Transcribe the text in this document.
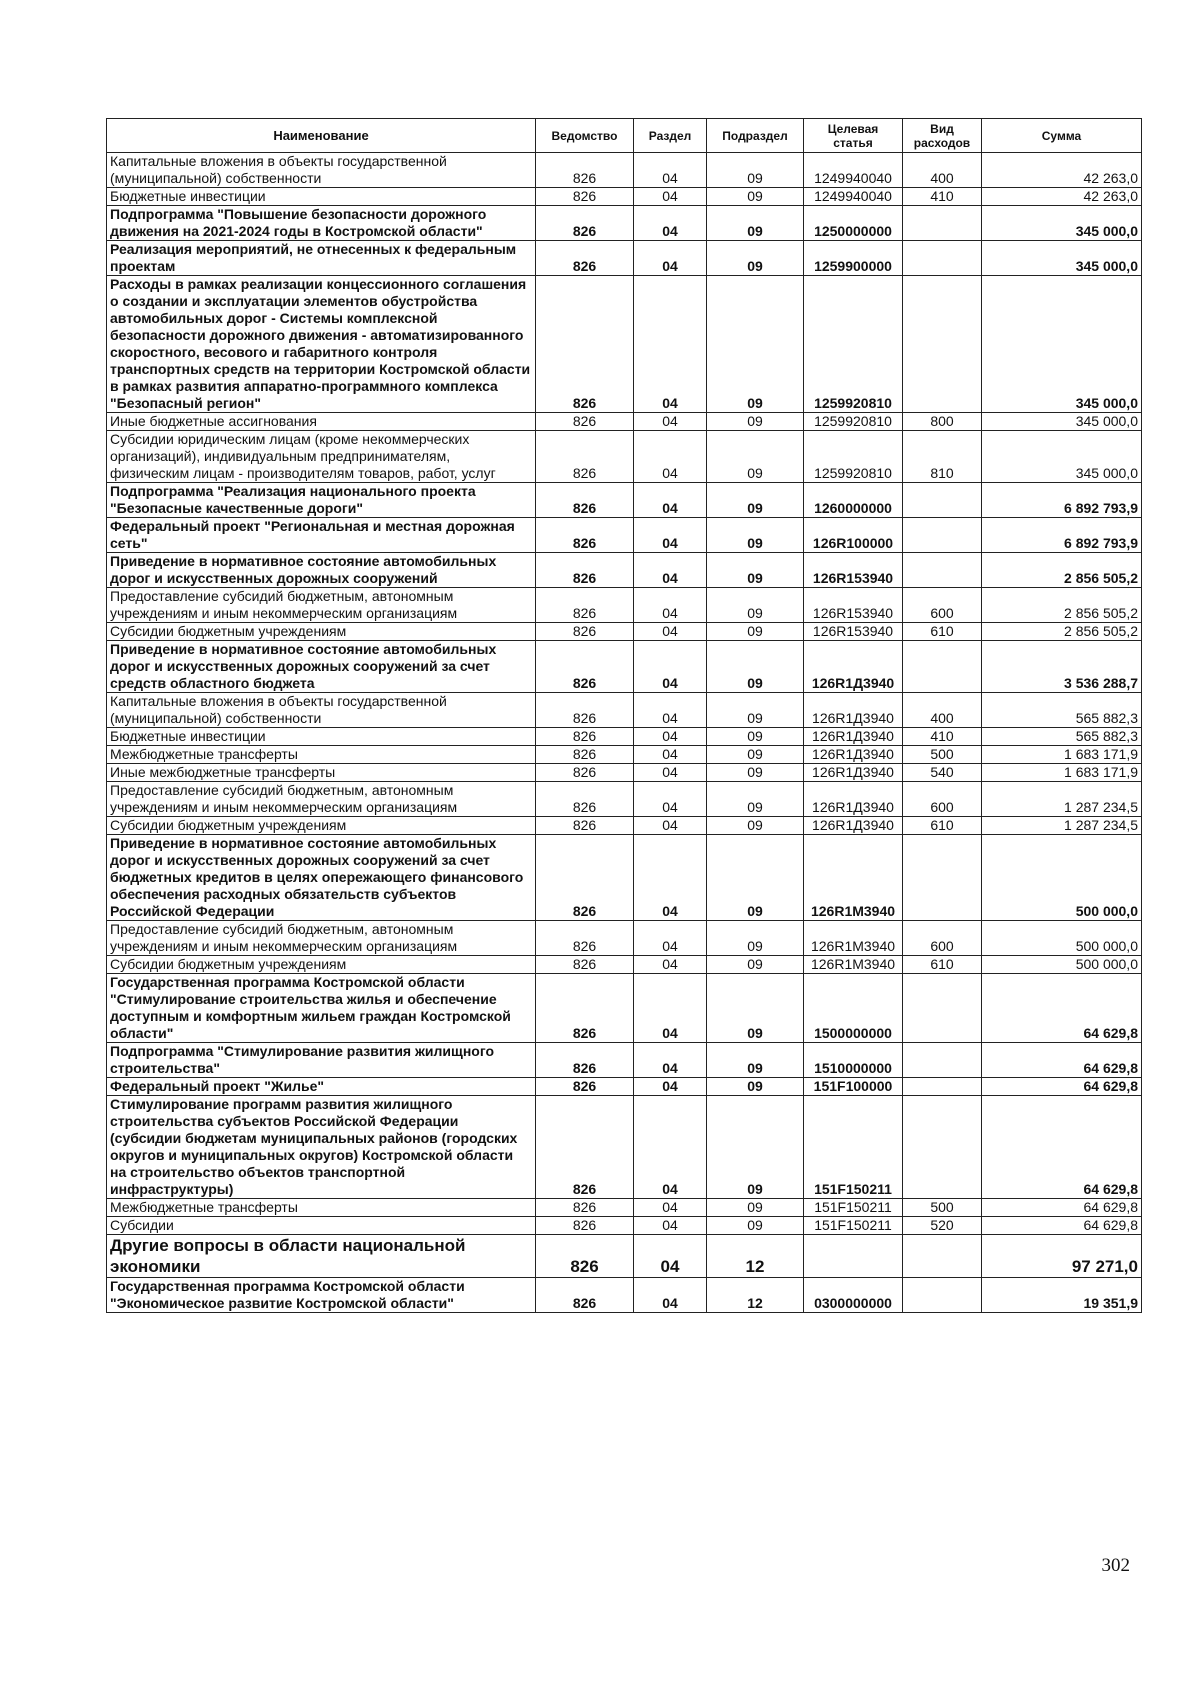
Наименование	Ведомство	Раздел	Подраздел	Целевая статья	Вид расходов	Сумма
Капитальные вложения в объекты государственной (муниципальной) собственности	826	04	09	1249940040	400	42 263,0
Бюджетные инвестиции	826	04	09	1249940040	410	42 263,0
Подпрограмма "Повышение безопасности дорожного движения на 2021-2024 годы в Костромской области"	826	04	09	1250000000		345 000,0
Реализация мероприятий, не отнесенных к федеральным проектам	826	04	09	1259900000		345 000,0
Расходы в рамках реализации концессионного соглашения о создании и эксплуатации элементов обустройства автомобильных дорог - Системы комплексной безопасности дорожного движения - автоматизированного скоростного, весового и габаритного контроля транспортных средств на территории Костромской области в рамках развития аппаратно-программного комплекса "Безопасный регион"	826	04	09	1259920810		345 000,0
Иные бюджетные ассигнования	826	04	09	1259920810	800	345 000,0
Субсидии юридическим лицам (кроме некоммерческих организаций), индивидуальным предпринимателям, физическим лицам - производителям товаров, работ, услуг	826	04	09	1259920810	810	345 000,0
Подпрограмма "Реализация национального проекта "Безопасные качественные дороги"	826	04	09	1260000000		6 892 793,9
Федеральный проект "Региональная и местная дорожная сеть"	826	04	09	126R100000		6 892 793,9
Приведение в нормативное состояние автомобильных дорог и искусственных дорожных сооружений	826	04	09	126R153940		2 856 505,2
Предоставление субсидий бюджетным, автономным учреждениям и иным некоммерческим организациям	826	04	09	126R153940	600	2 856 505,2
Субсидии бюджетным учреждениям	826	04	09	126R153940	610	2 856 505,2
Приведение в нормативное состояние автомобильных дорог и искусственных дорожных сооружений за счет средств областного бюджета	826	04	09	126R1Д3940		3 536 288,7
Капитальные вложения в объекты государственной (муниципальной) собственности	826	04	09	126R1Д3940	400	565 882,3
Бюджетные инвестиции	826	04	09	126R1Д3940	410	565 882,3
Межбюджетные трансферты	826	04	09	126R1Д3940	500	1 683 171,9
Иные межбюджетные трансферты	826	04	09	126R1Д3940	540	1 683 171,9
Предоставление субсидий бюджетным, автономным учреждениям и иным некоммерческим организациям	826	04	09	126R1Д3940	600	1 287 234,5
Субсидии бюджетным учреждениям	826	04	09	126R1Д3940	610	1 287 234,5
Приведение в нормативное состояние автомобильных дорог и искусственных дорожных сооружений за счет бюджетных кредитов в целях опережающего финансового обеспечения расходных обязательств субъектов Российской Федерации	826	04	09	126R1М3940		500 000,0
Предоставление субсидий бюджетным, автономным учреждениям и иным некоммерческим организациям	826	04	09	126R1М3940	600	500 000,0
Субсидии бюджетным учреждениям	826	04	09	126R1М3940	610	500 000,0
Государственная программа Костромской области "Стимулирование строительства жилья и обеспечение доступным и комфортным жильем граждан Костромской области"	826	04	09	1500000000		64 629,8
Подпрограмма "Стимулирование развития жилищного строительства"	826	04	09	1510000000		64 629,8
Федеральный проект "Жилье"	826	04	09	151F100000		64 629,8
Стимулирование программ развития жилищного строительства субъектов Российской Федерации (субсидии бюджетам муниципальных районов (городских округов и муниципальных округов) Костромской области на строительство объектов транспортной инфраструктуры)	826	04	09	151F150211		64 629,8
Межбюджетные трансферты	826	04	09	151F150211	500	64 629,8
Субсидии	826	04	09	151F150211	520	64 629,8
Другие вопросы в области национальной экономики	826	04	12			97 271,0
Государственная программа Костромской области "Экономическое развитие Костромской области"	826	04	12	0300000000		19 351,9
302
